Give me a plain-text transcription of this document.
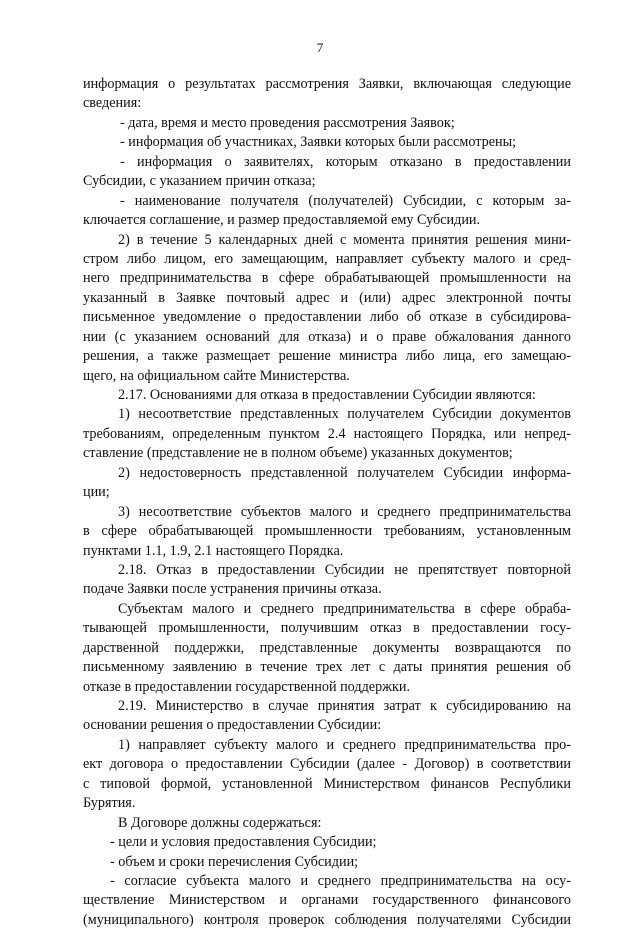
7
информация о результатах рассмотрения Заявки, включающая следующие
сведения:
- дата, время и место проведения рассмотрения Заявок;
- информация об участниках, Заявки которых были рассмотрены;
- информация о заявителях, которым отказано в предоставлении
Субсидии, с указанием причин отказа;
- наименование получателя (получателей) Субсидии, с которым за-
ключается соглашение, и размер предоставляемой ему Субсидии.
2) в течение 5 календарных дней с момента принятия решения мини-
стром либо лицом, его замещающим, направляет субъекту малого и сред-
него предпринимательства в сфере обрабатывающей промышленности на
указанный в Заявке почтовый адрес и (или) адрес электронной почты
письменное уведомление о предоставлении либо об отказе в субсидирова-
нии (с указанием оснований для отказа) и о праве обжалования данного
решения, а также размещает решение министра либо лица, его замещаю-
щего, на официальном сайте Министерства.
2.17. Основаниями для отказа в предоставлении Субсидии являются:
1) несоответствие представленных получателем Субсидии документов
требованиям, определенным пунктом 2.4 настоящего Порядка, или непред-
ставление (представление не в полном объеме) указанных документов;
2) недостоверность представленной получателем Субсидии информа-
ции;
3) несоответствие субъектов малого и среднего предпринимательства
в сфере обрабатывающей промышленности требованиям, установленным
пунктами 1.1, 1.9, 2.1 настоящего Порядка.
2.18. Отказ в предоставлении Субсидии не препятствует повторной
подаче Заявки после устранения причины отказа.
Субъектам малого и среднего предпринимательства в сфере обраба-
тывающей промышленности, получившим отказ в предоставлении госу-
дарственной поддержки, представленные документы возвращаются по
письменному заявлению в течение трех лет с даты принятия решения об
отказе в предоставлении государственной поддержки.
2.19. Министерство в случае принятия затрат к субсидированию на
основании решения о предоставлении Субсидии:
1) направляет субъекту малого и среднего предпринимательства про-
ект договора о предоставлении Субсидии (далее - Договор) в соответствии
с типовой формой, установленной Министерством финансов Республики
Бурятия.
В Договоре должны содержаться:
- цели и условия предоставления Субсидии;
- объем и сроки перечисления Субсидии;
- согласие субъекта малого и среднего предпринимательства на осу-
ществление Министерством и органами государственного финансового
(муниципального) контроля проверок соблюдения получателями Субсидии
